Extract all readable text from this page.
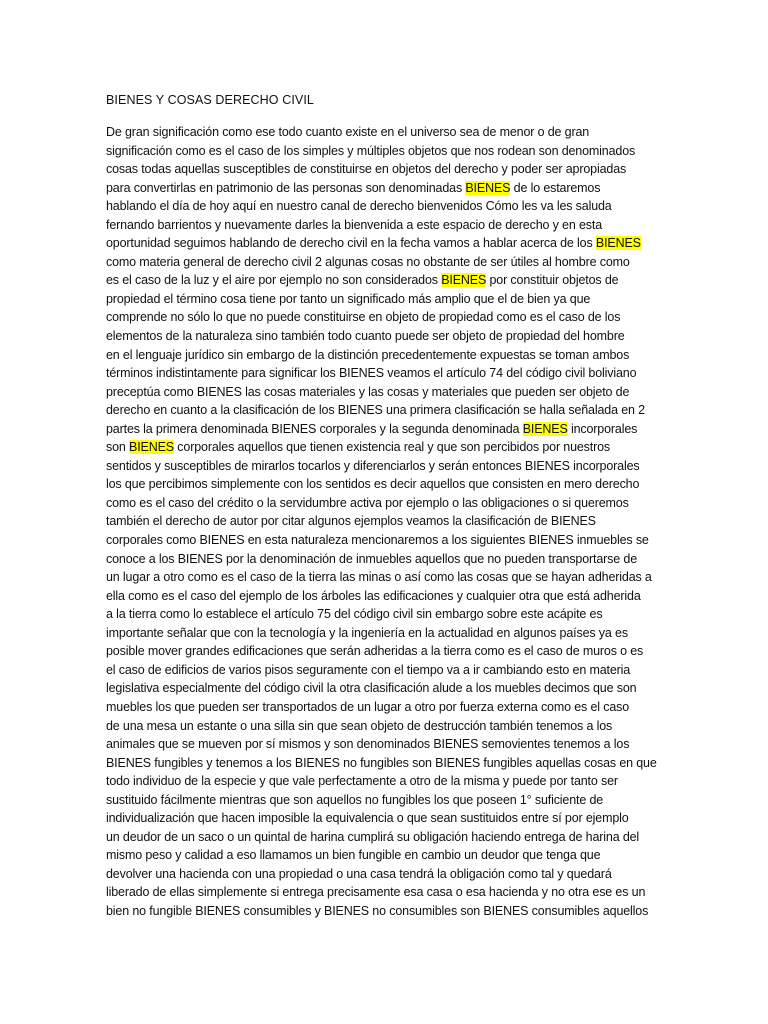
BIENES Y COSAS DERECHO CIVIL
De gran significación como ese todo cuanto existe en el universo sea de menor o de gran
significación como es el caso de los simples y múltiples objetos que nos rodean son denominados
cosas todas aquellas susceptibles de constituirse en objetos del derecho y poder ser apropiadas
para convertirlas en patrimonio de las personas son denominadas BIENES de lo estaremos
hablando el día de hoy aquí en nuestro canal de derecho bienvenidos Cómo les va les saluda
fernando barrientos y nuevamente darles la bienvenida a este espacio de derecho y en esta
oportunidad seguimos hablando de derecho civil en la fecha vamos a hablar acerca de los BIENES
como materia general de derecho civil 2 algunas cosas no obstante de ser útiles al hombre como
es el caso de la luz y el aire por ejemplo no son considerados BIENES por constituir objetos de
propiedad el término cosa tiene por tanto un significado más amplio que el de bien ya que
comprende no sólo lo que no puede constituirse en objeto de propiedad como es el caso de los
elementos de la naturaleza sino también todo cuanto puede ser objeto de propiedad del hombre
en el lenguaje jurídico sin embargo de la distinción precedentemente expuestas se toman ambos
términos indistintamente para significar los BIENES veamos el artículo 74 del código civil boliviano
preceptúa como BIENES las cosas materiales y las cosas y materiales que pueden ser objeto de
derecho en cuanto a la clasificación de los BIENES una primera clasificación se halla señalada en 2
partes la primera denominada BIENES corporales y la segunda denominada BIENES incorporales
son BIENES corporales aquellos que tienen existencia real y que son percibidos por nuestros
sentidos y susceptibles de mirarlos tocarlos y diferenciarlos y serán entonces BIENES incorporales
los que percibimos simplemente con los sentidos es decir aquellos que consisten en mero derecho
como es el caso del crédito o la servidumbre activa por ejemplo o las obligaciones o si queremos
también el derecho de autor por citar algunos ejemplos veamos la clasificación de BIENES
corporales como BIENES en esta naturaleza mencionaremos a los siguientes BIENES inmuebles se
conoce a los BIENES por la denominación de inmuebles aquellos que no pueden transportarse de
un lugar a otro como es el caso de la tierra las minas o así como las cosas que se hayan adheridas a
ella como es el caso del ejemplo de los árboles las edificaciones y cualquier otra que está adherida
a la tierra como lo establece el artículo 75 del código civil sin embargo sobre este acápite es
importante señalar que con la tecnología y la ingeniería en la actualidad en algunos países ya es
posible mover grandes edificaciones que serán adheridas a la tierra como es el caso de muros o es
el caso de edificios de varios pisos seguramente con el tiempo va a ir cambiando esto en materia
legislativa especialmente del código civil la otra clasificación alude a los muebles decimos que son
muebles los que pueden ser transportados de un lugar a otro por fuerza externa como es el caso
de una mesa un estante o una silla sin que sean objeto de destrucción también tenemos a los
animales que se mueven por sí mismos y son denominados BIENES semovientes tenemos a los
BIENES fungibles y tenemos a los BIENES no fungibles son BIENES fungibles aquellas cosas en que
todo individuo de la especie y que vale perfectamente a otro de la misma y puede por tanto ser
sustituido fácilmente mientras que son aquellos no fungibles los que poseen 1° suficiente de
individualización que hacen imposible la equivalencia o que sean sustituidos entre sí por ejemplo
un deudor de un saco o un quintal de harina cumplirá su obligación haciendo entrega de harina del
mismo peso y calidad a eso llamamos un bien fungible en cambio un deudor que tenga que
devolver una hacienda con una propiedad o una casa tendrá la obligación como tal y quedará
liberado de ellas simplemente si entrega precisamente esa casa o esa hacienda y no otra ese es un
bien no fungible BIENES consumibles y BIENES no consumibles son BIENES consumibles aquellos
